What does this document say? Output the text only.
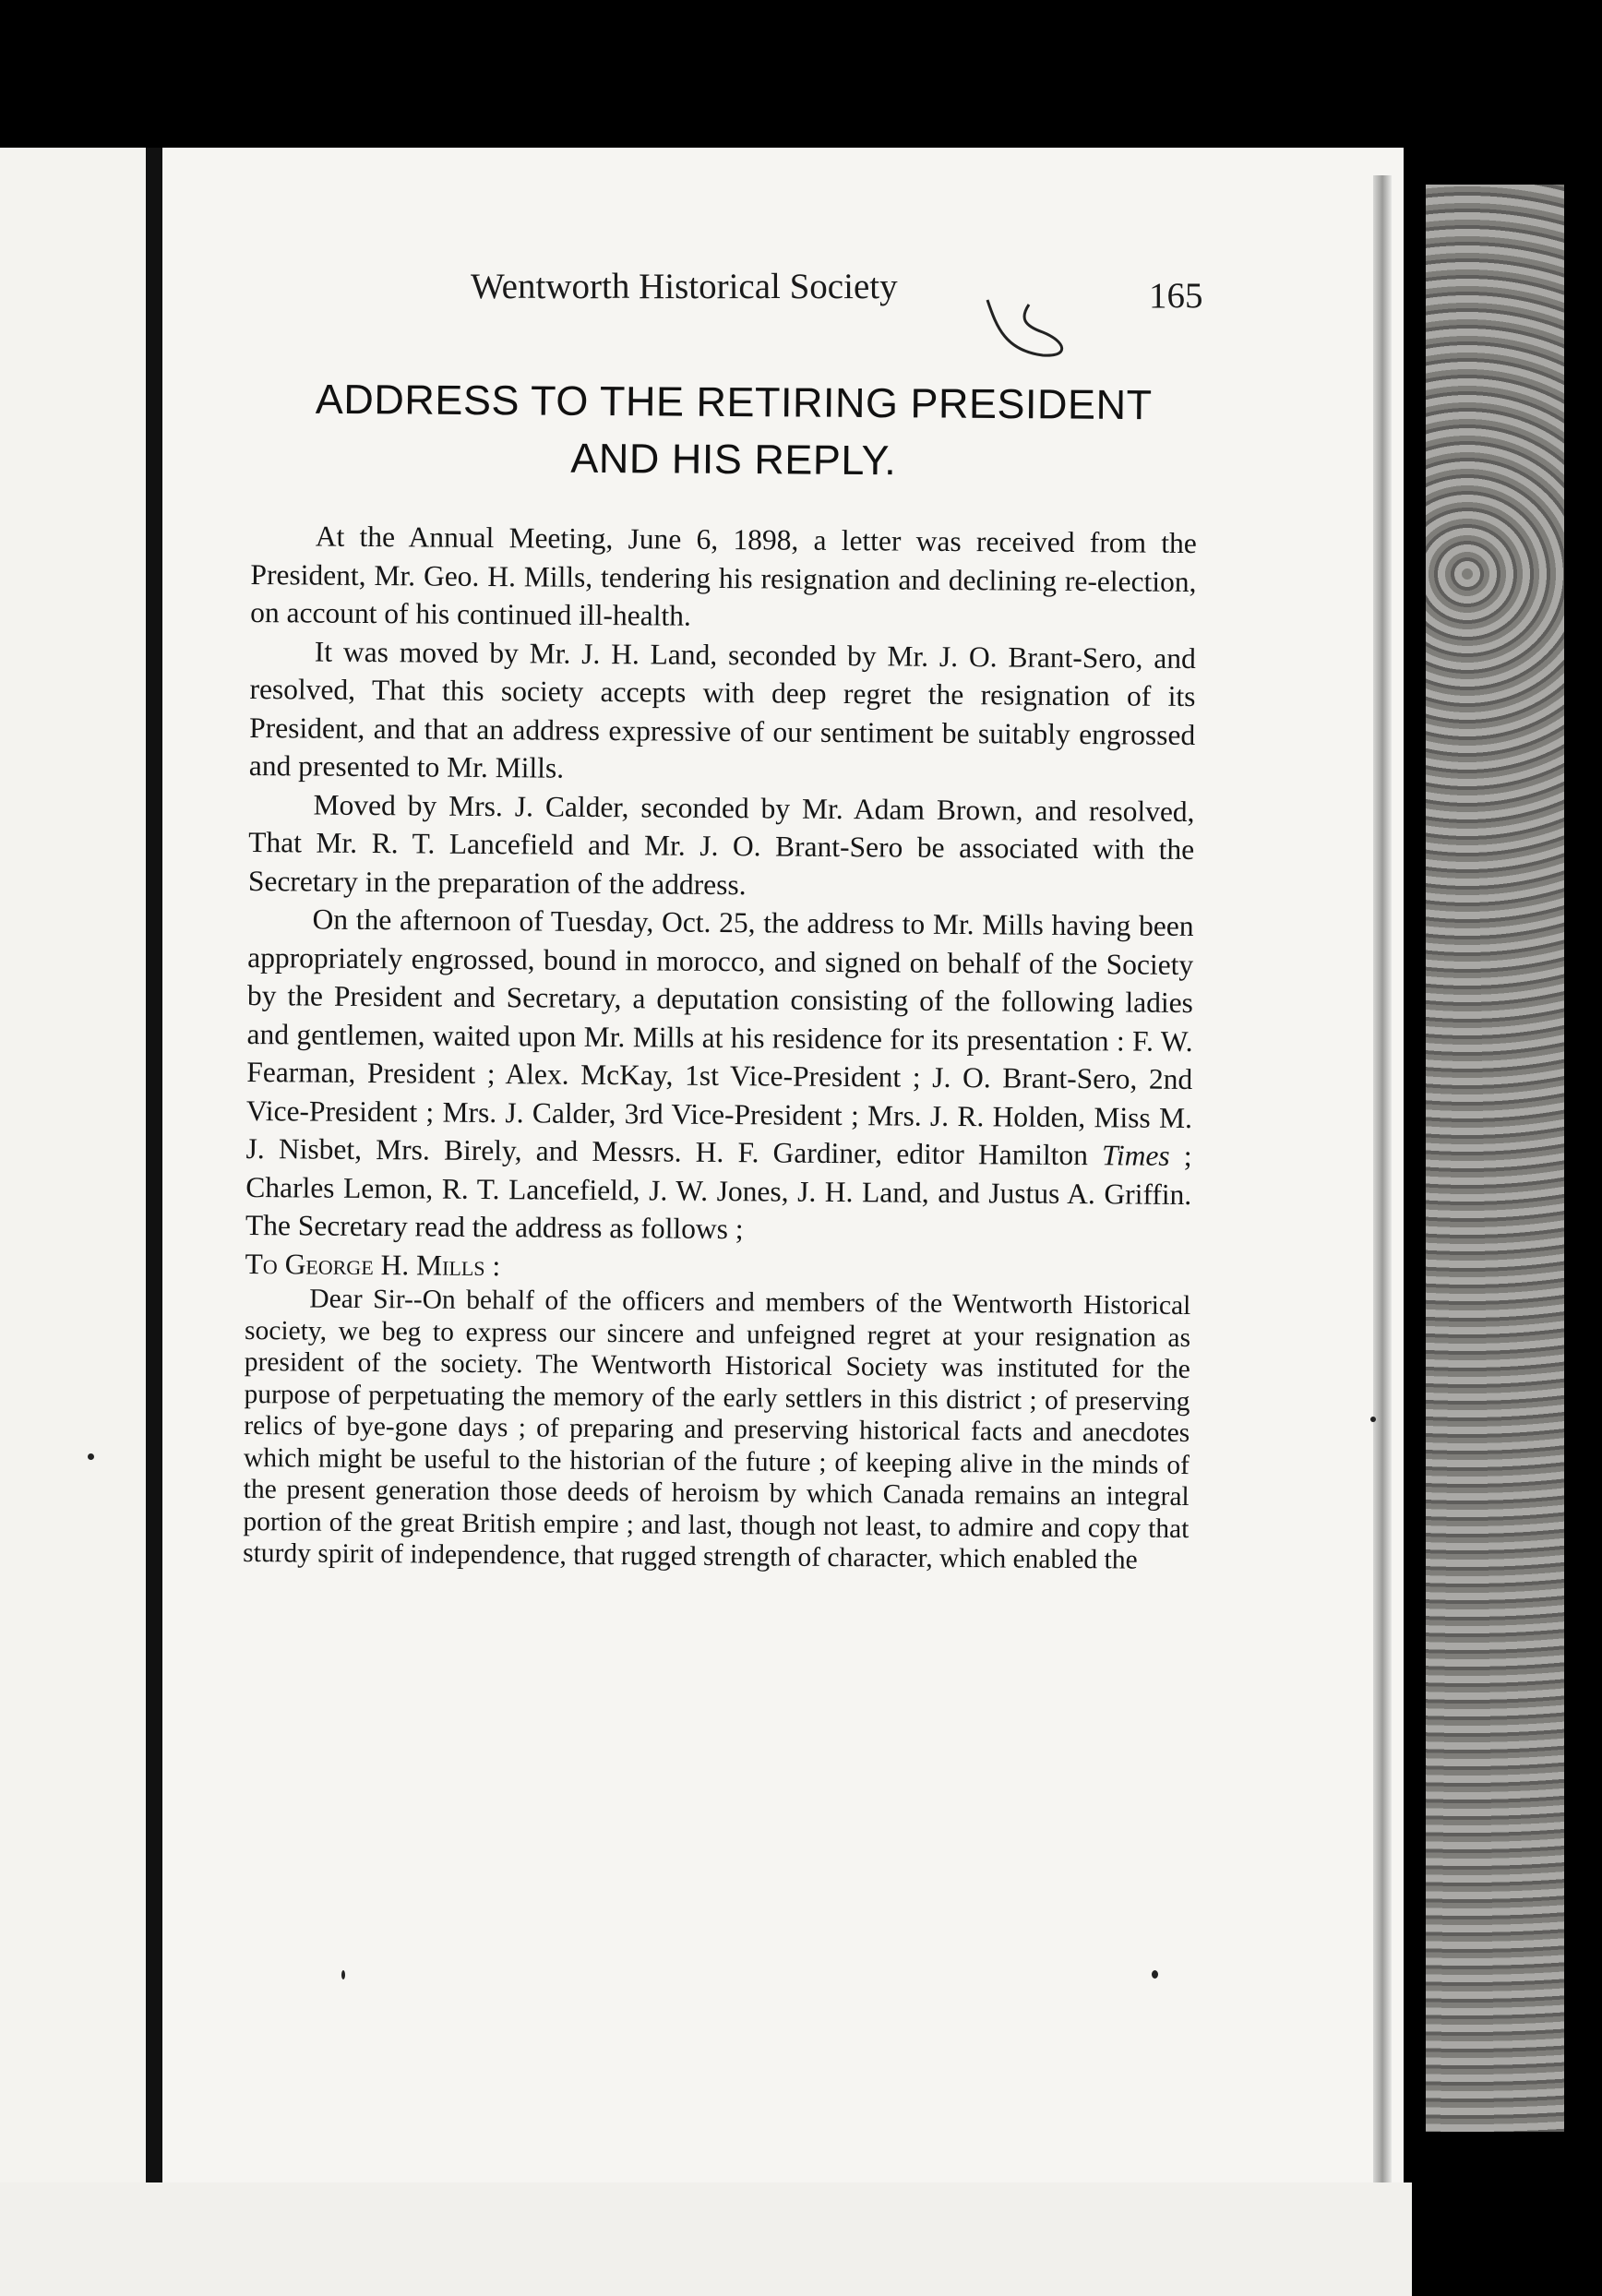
Wentworth Historical Society	165
ADDRESS TO THE RETIRING PRESIDENT
AND HIS REPLY.

At the Annual Meeting, June 6, 1898, a letter was received from the President, Mr. Geo. H. Mills, tendering his resignation and declining re-election, on account of his continued ill-health.

It was moved by Mr. J. H. Land, seconded by Mr. J. O. Brant-Sero, and resolved, That this society accepts with deep regret the resignation of its President, and that an address expressive of our sentiment be suitably engrossed and presented to Mr. Mills.

Moved by Mrs. J. Calder, seconded by Mr. Adam Brown, and resolved, That Mr. R. T. Lancefield and Mr. J. O. Brant-Sero be associated with the Secretary in the preparation of the address.

On the afternoon of Tuesday, Oct. 25, the address to Mr. Mills having been appropriately engrossed, bound in morocco, and signed on behalf of the Society by the President and Secretary, a deputation consisting of the following ladies and gentlemen, waited upon Mr. Mills at his residence for its presentation : F. W. Fearman, President ; Alex. McKay, 1st Vice-President ; J. O. Brant-Sero, 2nd Vice-President ; Mrs. J. Calder, 3rd Vice-President ; Mrs. J. R. Holden, Miss M. J. Nisbet, Mrs. Birely, and Messrs. H. F. Gardiner, editor Hamilton Times ; Charles Lemon, R. T. Lancefield, J. W. Jones, J. H. Land, and Justus A. Griffin. The Secretary read the address as follows ;

To George H. Mills :

Dear Sir--On behalf of the officers and members of the Wentworth Historical society, we beg to express our sincere and unfeigned regret at your resignation as president of the society. The Wentworth Historical Society was instituted for the purpose of perpetuating the memory of the early settlers in this district ; of preserving relics of bye-gone days ; of preparing and preserving historical facts and anecdotes which might be useful to the historian of the future ; of keeping alive in the minds of the present generation those deeds of heroism by which Canada remains an integral portion of the great British empire ; and last, though not least, to admire and copy that sturdy spirit of independence, that rugged strength of character, which enabled the
